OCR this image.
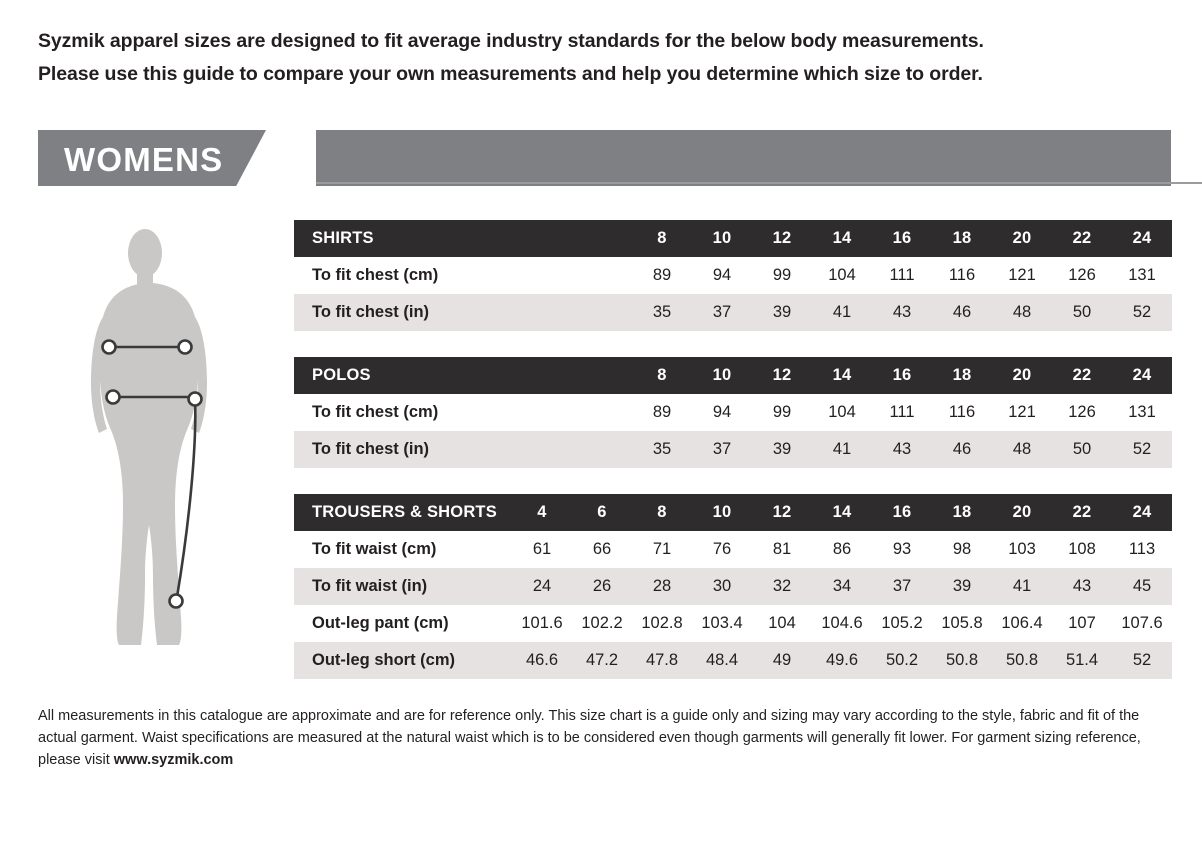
Syzmik apparel sizes are designed to fit average industry standards for the below body measurements.

Please use this guide to compare your own measurements and help you determine which size to order.

WOMENS
SHIRTS			8	10	12	14	16	18	20	22	24
To fit chest (cm)			89	94	99	104	111	116	121	126	131
To fit chest (in)			35	37	39	41	43	46	48	50	52
POLOS			8	10	12	14	16	18	20	22	24
To fit chest (cm)			89	94	99	104	111	116	121	126	131
To fit chest (in)			35	37	39	41	43	46	48	50	52
TROUSERS & SHORTS	4	6	8	10	12	14	16	18	20	22	24
To fit waist (cm)	61	66	71	76	81	86	93	98	103	108	113
To fit waist (in)	24	26	28	30	32	34	37	39	41	43	45
Out-leg pant (cm)	101.6	102.2	102.8	103.4	104	104.6	105.2	105.8	106.4	107	107.6
Out-leg short (cm)	46.6	47.2	47.8	48.4	49	49.6	50.2	50.8	50.8	51.4	52

All measurements in this catalogue are approximate and are for reference only. This size chart is a guide only and sizing may vary according to the style, fabric and fit of the actual garment. Waist specifications are measured at the natural waist which is to be considered even though garments will generally fit lower. For garment sizing reference, please visit www.syzmik.com
